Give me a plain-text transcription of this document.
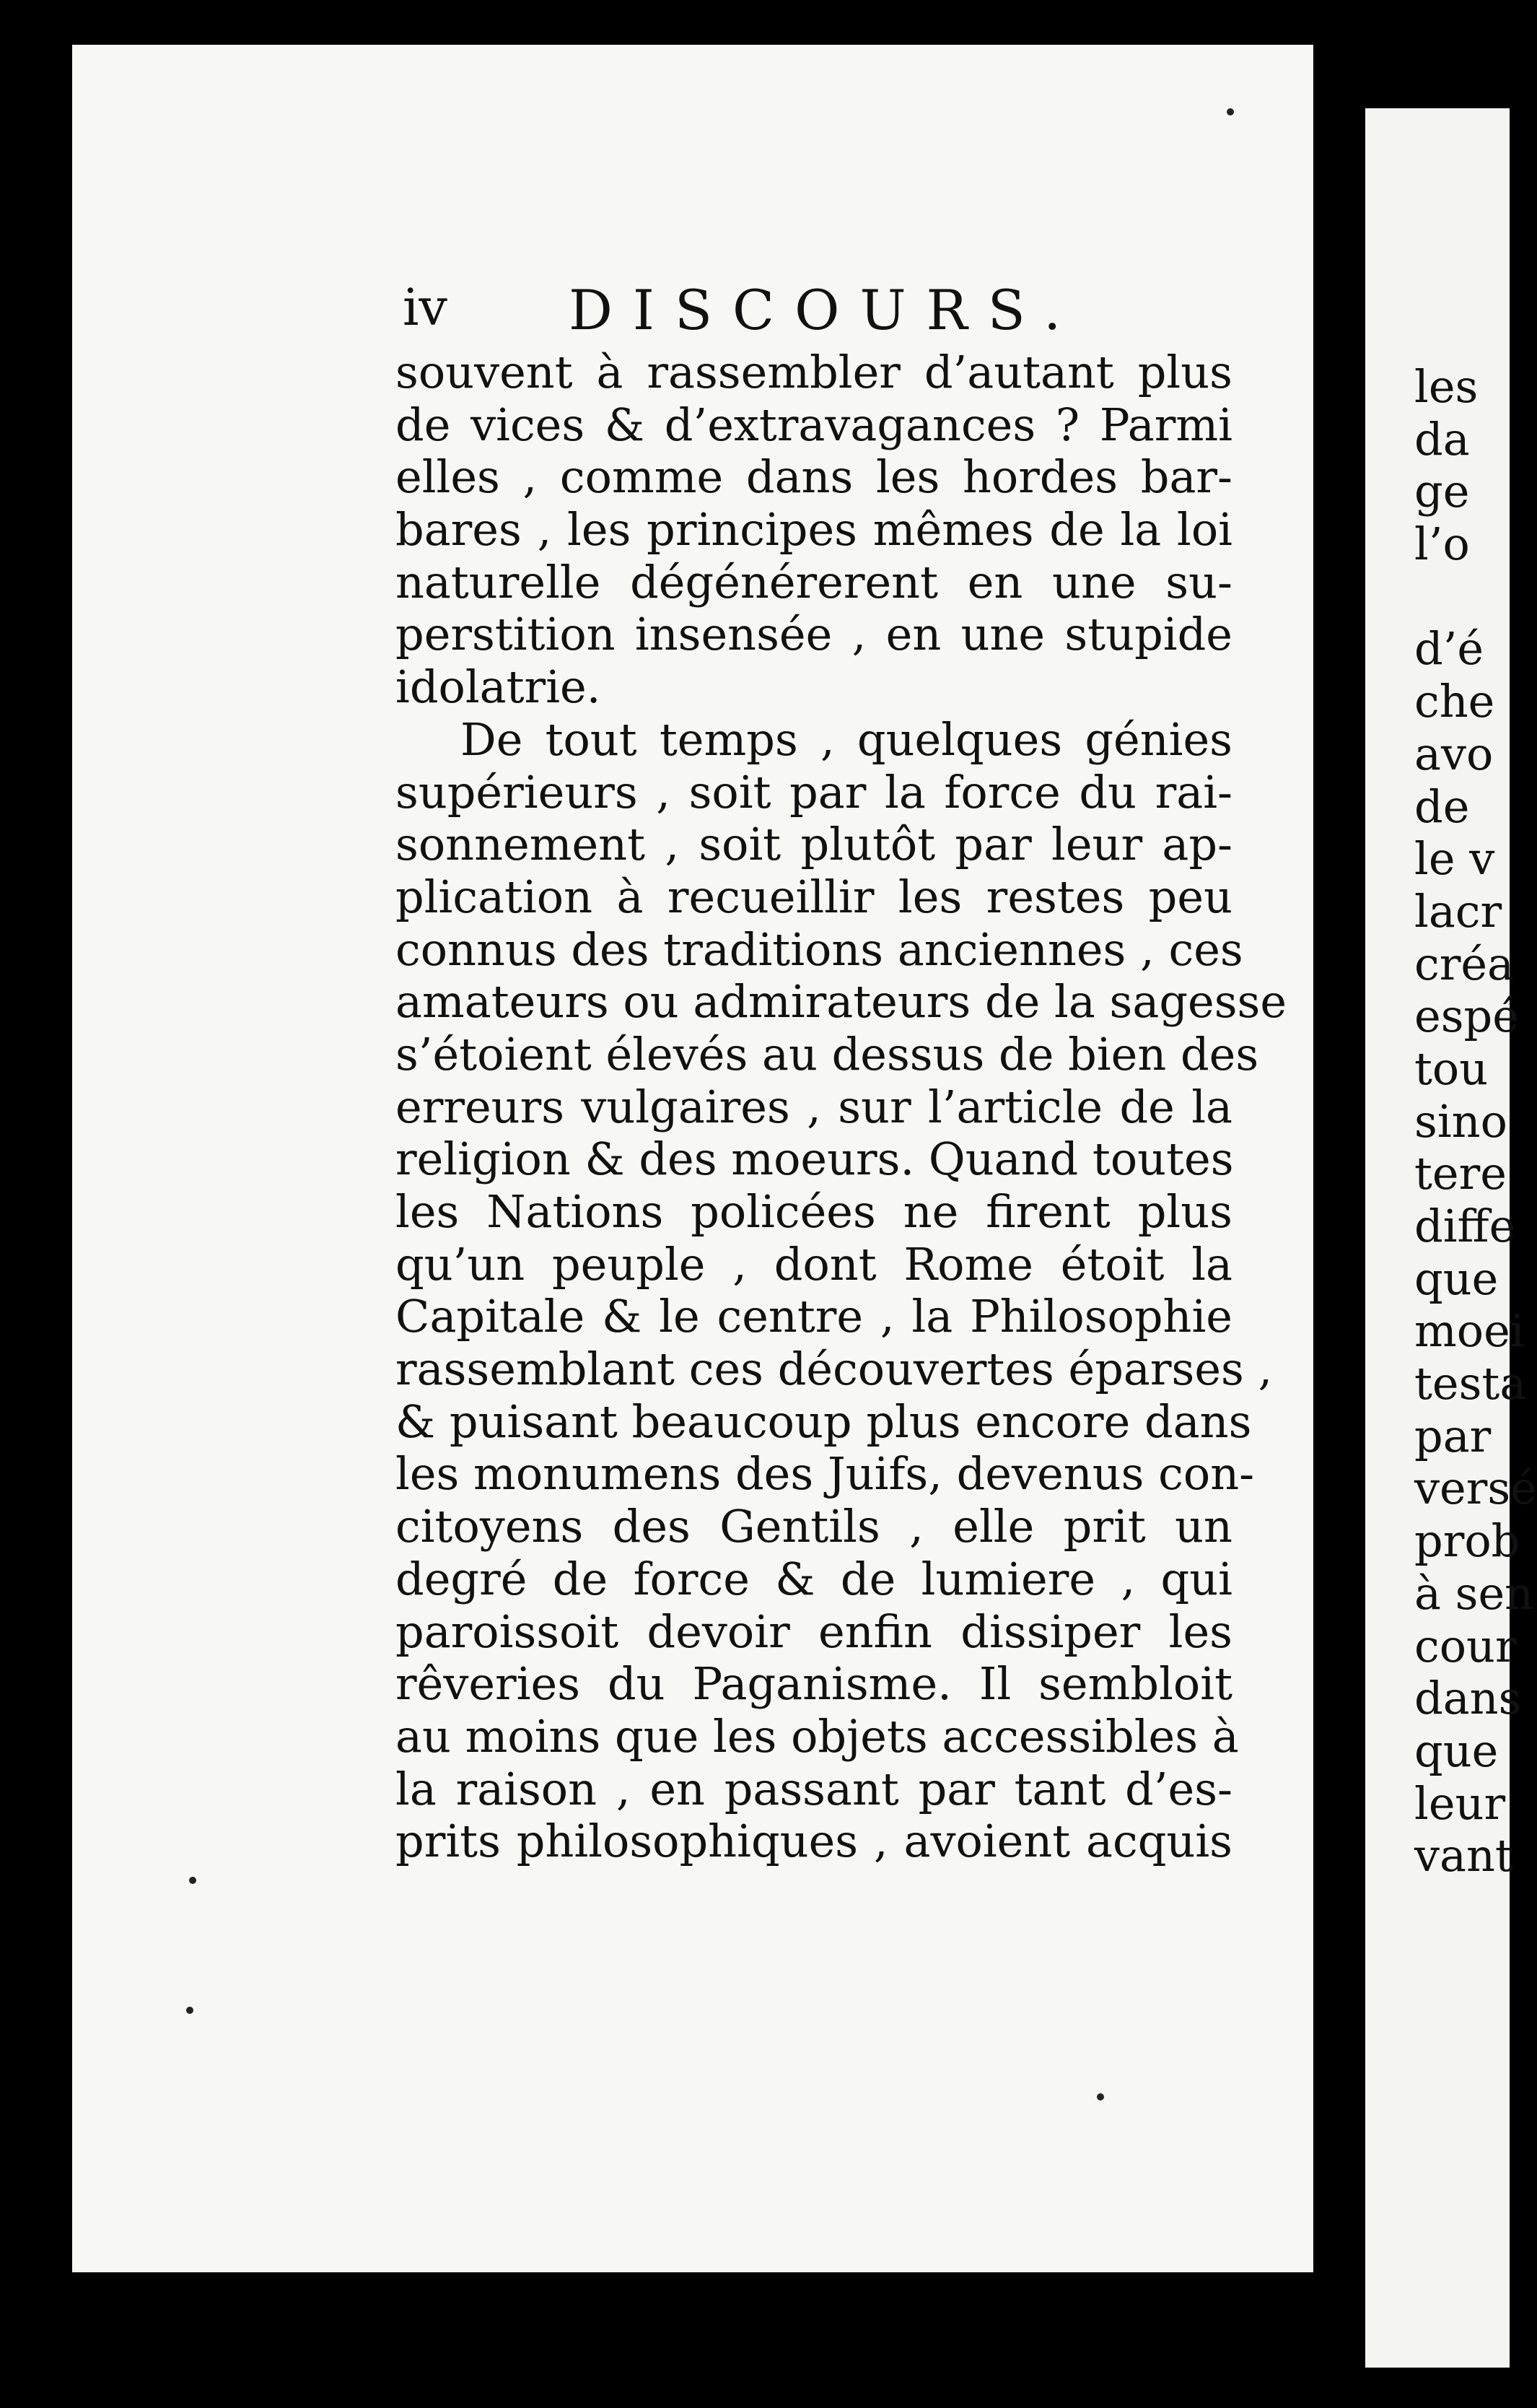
iv DISCOURS.
souvent à rassembler d’autant plus
de vices & d’extravagances ? Parmi
elles , comme dans les hordes bar-
bares , les principes mêmes de la loi
naturelle dégénérerent en une su-
perstition insensée , en une stupide
idolatrie.
De tout temps , quelques génies
supérieurs , soit par la force du rai-
sonnement , soit plutôt par leur ap-
plication à recueillir les restes peu
connus des traditions anciennes , ces
amateurs ou admirateurs de la sagesse
s’étoient élevés au dessus de bien des
erreurs vulgaires , sur l’article de la
religion & des moeurs. Quand toutes
les Nations policées ne firent plus
qu’un peuple , dont Rome étoit la
Capitale & le centre , la Philosophie
rassemblant ces découvertes éparses ,
& puisant beaucoup plus encore dans
les monumens des Juifs, devenus con-
citoyens des Gentils , elle prit un
degré de force & de lumiere , qui
paroissoit devoir enfin dissiper les
rêveries du Paganisme. Il sembloit
au moins que les objets accessibles à
la raison , en passant par tant d’es-
prits philosophiques , avoient acquis
les
da
ge
l’o
d’é
che
avo
de
le v
lacr
créa
espé
tou
sino
tere
diffe
que
moei
testa
par
versé
prob
à sen
cour
dans
que
leur
vant
